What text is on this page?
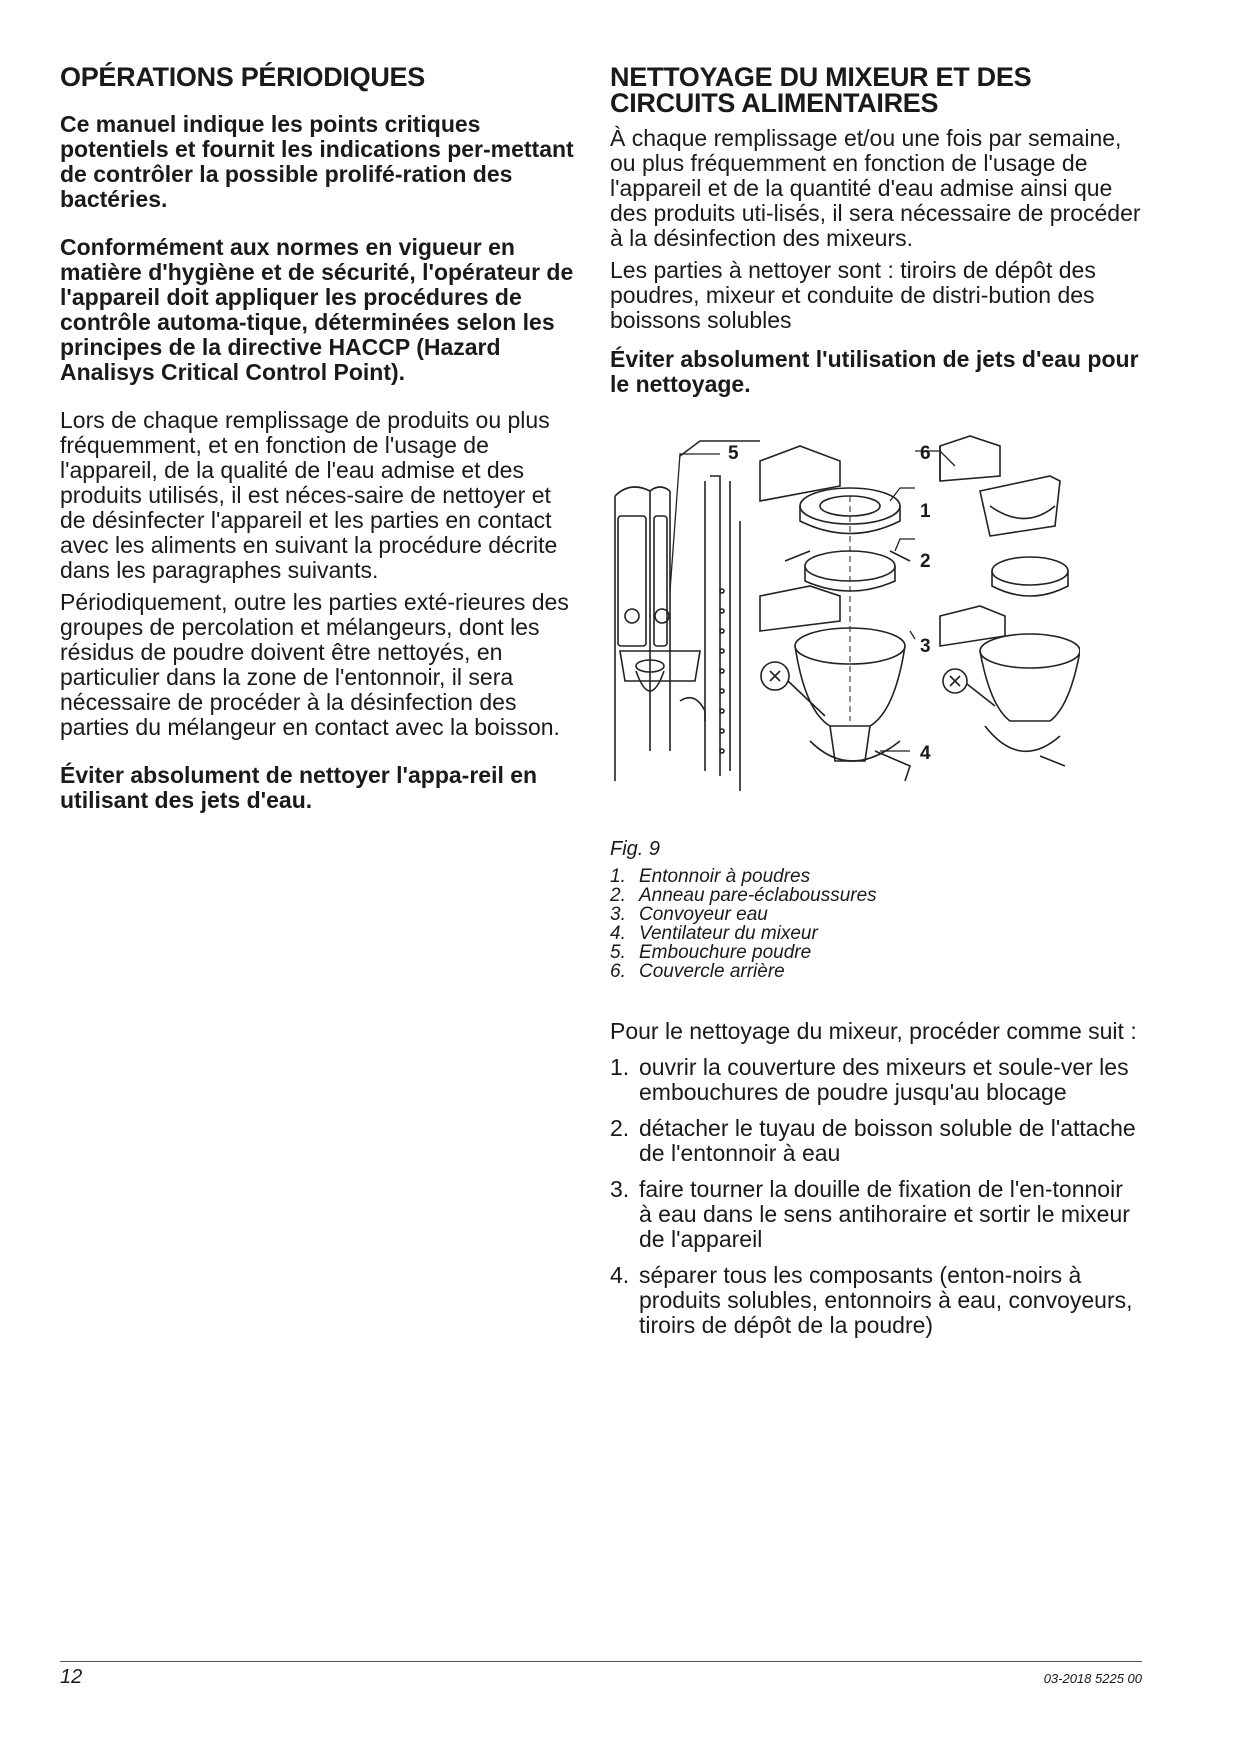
OPÉRATIONS PÉRIODIQUES

Ce manuel indique les points critiques potentiels et fournit les indications per-mettant de contrôler la possible prolifé-ration des bactéries.

Conformément aux normes en vigueur en matière d'hygiène et de sécurité, l'opérateur de l'appareil doit appliquer les procédures de contrôle automa-tique, déterminées selon les principes de la directive HACCP (Hazard Analisys Critical Control Point).

Lors de chaque remplissage de produits ou plus fréquemment, et en fonction de l'usage de l'appareil, de la qualité de l'eau admise et des produits utilisés, il est néces-saire de nettoyer et de désinfecter l'appareil et les parties en contact avec les aliments en suivant la procédure décrite dans les paragraphes suivants.

Périodiquement, outre les parties exté-rieures des groupes de percolation et mélangeurs, dont les résidus de poudre doivent être nettoyés, en particulier dans la zone de l'entonnoir, il sera nécessaire de procéder à la désinfection des parties du mélangeur en contact avec la boisson.

Éviter absolument de nettoyer l'appa-reil en utilisant des jets d'eau.

NETTOYAGE DU MIXEUR ET DES CIRCUITS ALIMENTAIRES

À chaque remplissage et/ou une fois par semaine, ou plus fréquemment en fonction de l'usage de l'appareil et de la quantité d'eau admise ainsi que des produits uti-lisés, il sera nécessaire de procéder à la désinfection des mixeurs.

Les parties à nettoyer sont : tiroirs de dépôt des poudres, mixeur et conduite de distri-bution des boissons solubles

Éviter absolument l'utilisation de jets d'eau pour le nettoyage.

5	6
1
2
3
4
Fig. 9
1. Entonnoir à poudres
2. Anneau pare-éclaboussures
3. Convoyeur eau
4. Ventilateur du mixeur
5. Embouchure poudre
6. Couvercle arrière

Pour le nettoyage du mixeur, procéder comme suit :

1. ouvrir la couverture des mixeurs et soule-ver les embouchures de poudre jusqu'au blocage
2. détacher le tuyau de boisson soluble de l'attache de l'entonnoir à eau
3. faire tourner la douille de fixation de l'en-tonnoir à eau dans le sens antihoraire et sortir le mixeur de l'appareil
4. séparer tous les composants (enton-noirs à produits solubles, entonnoirs à eau, convoyeurs, tiroirs de dépôt de la poudre)
12	03-2018 5225 00
